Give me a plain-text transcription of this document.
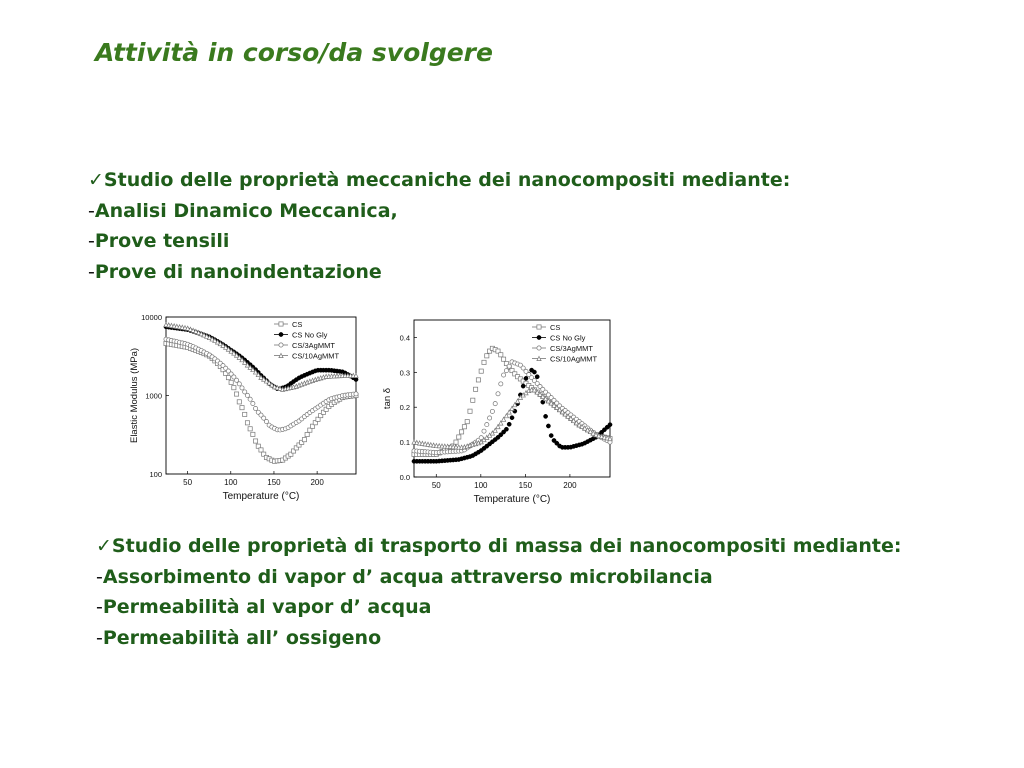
Attività in corso/da svolgere
✓Studio delle proprietà meccaniche dei nanocompositi mediante:
-Analisi Dinamico Meccanica,
-Prove tensili
-Prove di nanoindentazione
50	100	150	200
100
1000
10000
Temperature (°C)
Elastic Modulus (MPa)
CS
CS No Gly
CS/3AgMMT
CS/10AgMMT
50	100	150	200
0.0
0.1
0.2
0.3
0.4
Temperature (°C)
tan δ
CS
CS No Gly
CS/3AgMMT
CS/10AgMMT
✓Studio delle proprietà di trasporto di massa dei nanocompositi mediante:
-Assorbimento di vapor d’ acqua attraverso microbilancia
-Permeabilità al vapor d’ acqua
-Permeabilità all’ ossigeno
